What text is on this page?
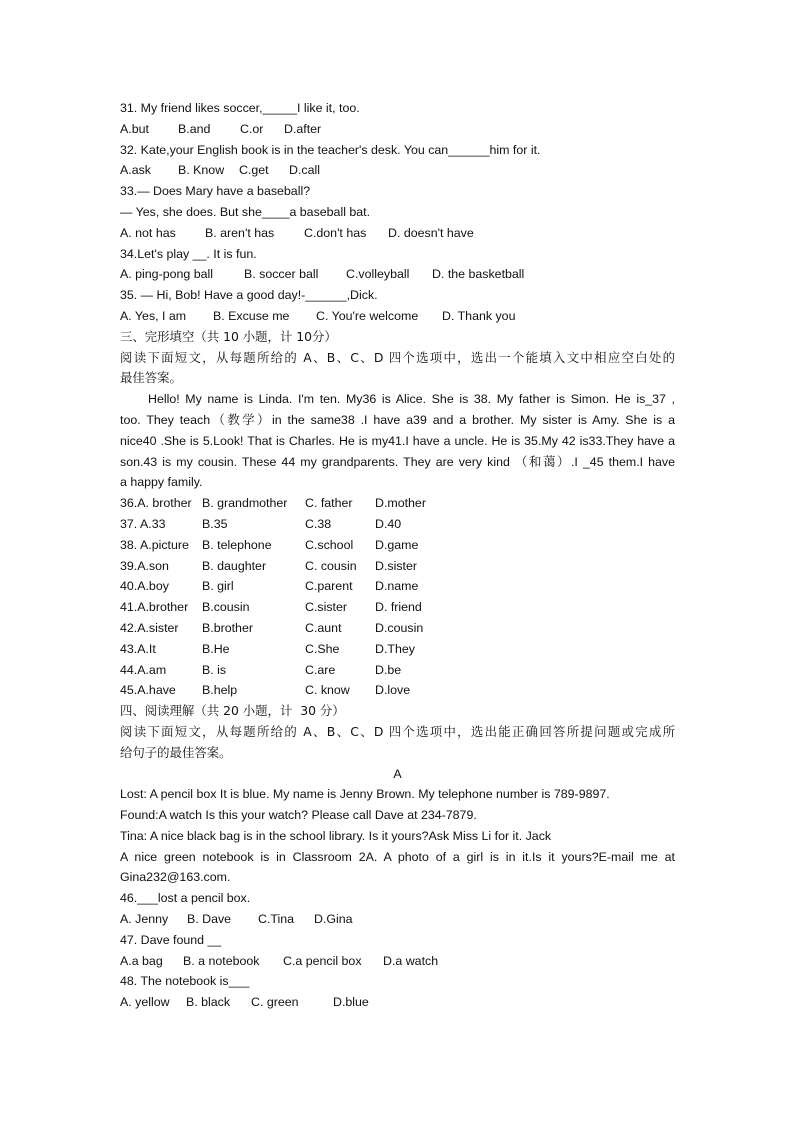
31. My friend likes soccer,_____I like it, too.
A.but	B.and	C.or	D.after
32. Kate,your English book is in the teacher's desk. You can______him for it.
A.ask	B. Know	C.get	D.call
33.— Does Mary have a baseball?
— Yes, she does. But she____a baseball bat.
A. not has	B. aren't has	C.don't has	D. doesn't have
34.Let's play __. It is fun.
A. ping-pong ball	B. soccer ball	C.volleyball	D. the basketball
35. — Hi, Bob! Have a good day!-______,Dick.
A. Yes, I am	B. Excuse me	C. You're welcome	D. Thank you
三、完形填空（共 10 小题，计 10分）
阅读下面短文，从每题所给的 A、B、C、D 四个选项中，选出一个能填入文中相应空白处的
最佳答案。
Hello! My name is Linda. I'm ten. My36 is Alice. She is 38. My father is Simon. He is_37 ,
too. They teach（教学）in the same38 .I have a39 and a brother. My sister is Amy. She is a
nice40 .She is 5.Look! That is Charles. He is my41.I have a uncle. He is 35.My 42 is33.They have a
son.43 is my cousin. These 44 my grandparents. They are very kind （和蔼）.I _45 them.I have
a happy family.
36.A. brother B. grandmother	C. father	D.mother
37. A.33	B.35	C.38	D.40
38. A.picture	B. telephone	C.school	D.game
39.A.son	B. daughter	C. cousin	D.sister
40.A.boy	B. girl	C.parent	D.name
41.A.brother	B.cousin	C.sister	D. friend
42.A.sister	B.brother	C.aunt	D.cousin
43.A.It	B.He	C.She	D.They
44.A.am	B. is	C.are	D.be
45.A.have	B.help	C. know	D.love
四、阅读理解（共 20 小题，计  30 分）
阅读下面短文，从每题所给的 A、B、C、D 四个选项中，选出能正确回答所提问题或完成所
给句子的最佳答案。
A
Lost: A pencil box It is blue. My name is Jenny Brown. My telephone number is 789-9897.
Found:A watch Is this your watch? Please call Dave at 234-7879.
Tina: A nice black bag is in the school library. Is it yours?Ask Miss Li for it. Jack
A nice green notebook is in Classroom 2A. A photo of a girl is in it.Is it yours?E-mail me at
Gina232@163.com.
46.___lost a pencil box.
A. Jenny	B. Dave	C.Tina	D.Gina
47. Dave found __
A.a bag	B. a notebook	C.a pencil box	D.a watch
48. The notebook is___
A. yellow	B. black	C. green	D.blue
